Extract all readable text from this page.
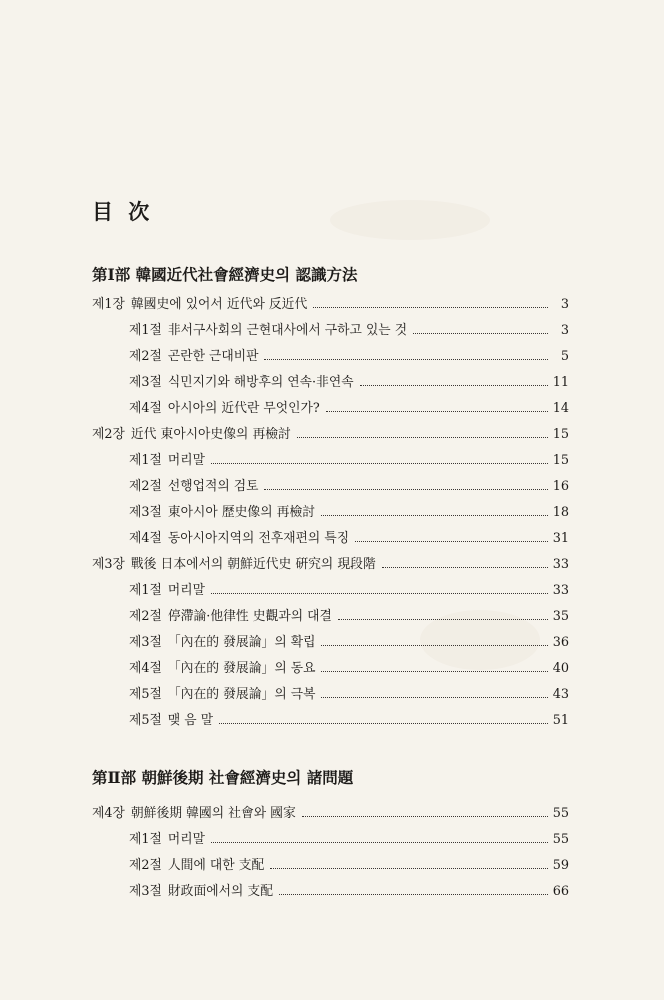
目 次
第Ⅰ部 韓國近代社會經濟史의 認識方法
제1장 韓國史에 있어서 近代와 反近代	3
제1절 非서구사회의 근현대사에서 구하고 있는 것	3
제2절 곤란한 근대비판	5
제3절 식민지기와 해방후의 연속·非연속	11
제4절 아시아의 近代란 무엇인가?	14
제2장 近代 東아시아史像의 再檢討	15
제1절 머리말	15
제2절 선행업적의 검토	16
제3절 東아시아 歷史像의 再檢討	18
제4절 동아시아지역의 전후재편의 특징	31
제3장 戰後 日本에서의 朝鮮近代史 硏究의 現段階	33
제1절 머리말	33
제2절 停滯論·他律性 史觀과의 대결	35
제3절 「內在的 發展論」의 확립	36
제4절 「內在的 發展論」의 동요	40
제5절 「內在的 發展論」의 극복	43
제5절 맺 음 말	51
第Ⅱ部 朝鮮後期 社會經濟史의 諸問題
제4장 朝鮮後期 韓國의 社會와 國家	55
제1절 머리말	55
제2절 人間에 대한 支配	59
제3절 財政面에서의 支配	66
